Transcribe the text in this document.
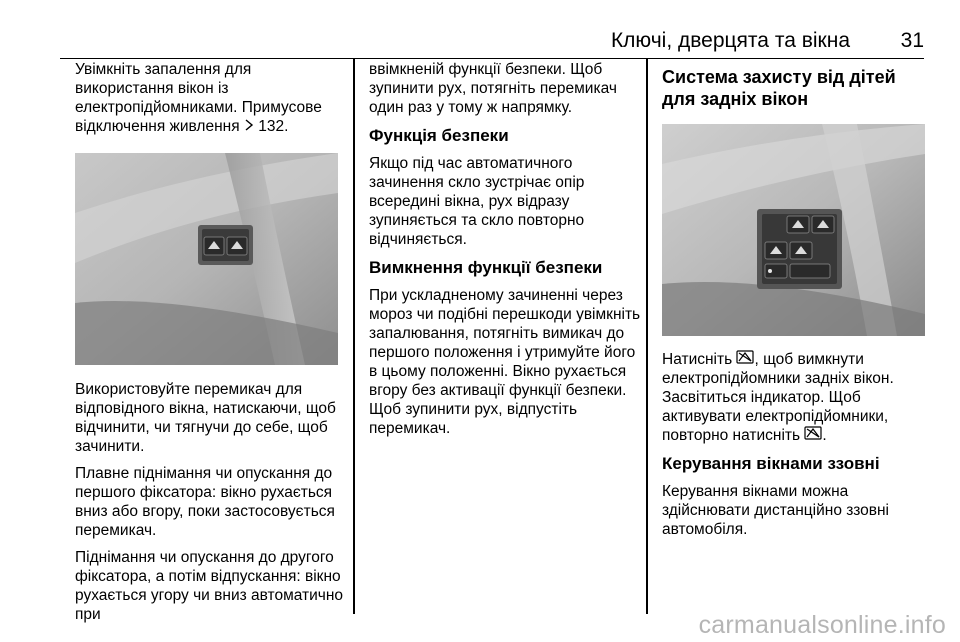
Ключі, дверцята та вікна 31

Увімкніть запалення для використання вікон із електропідйомниками. Примусове відключення живлення 132.

Використовуйте перемикач для відповідного вікна, натискаючи, щоб відчинити, чи тягнучи до себе, щоб зачинити.

Плавне піднімання чи опускання до першого фіксатора: вікно рухається вниз або вгору, поки застосовується перемикач.

Піднімання чи опускання до другого фіксатора, а потім відпускання: вікно рухається угору чи вниз автоматично при

ввімкненій функції безпеки. Щоб зупинити рух, потягніть перемикач один раз у тому ж напрямку.

Функція безпеки

Якщо під час автоматичного зачинення скло зустрічає опір всередині вікна, рух відразу зупиняється та скло повторно відчиняється.

Вимкнення функції безпеки

При ускладненому зачиненні через мороз чи подібні перешкоди увімкніть запалювання, потягніть вимикач до першого положення і утримуйте його в цьому положенні. Вікно рухається вгору без активації функції безпеки. Щоб зупинити рух, відпустіть перемикач.

Система захисту від дітей для задніх вікон

Натисніть , щоб вимкнути електропідйомники задніх вікон. Засвітиться індикатор. Щоб активувати електропідйомники, повторно натисніть .

Керування вікнами ззовні

Керування вікнами можна здійснювати дистанційно ззовні автомобіля.

carmanualsonline.info
